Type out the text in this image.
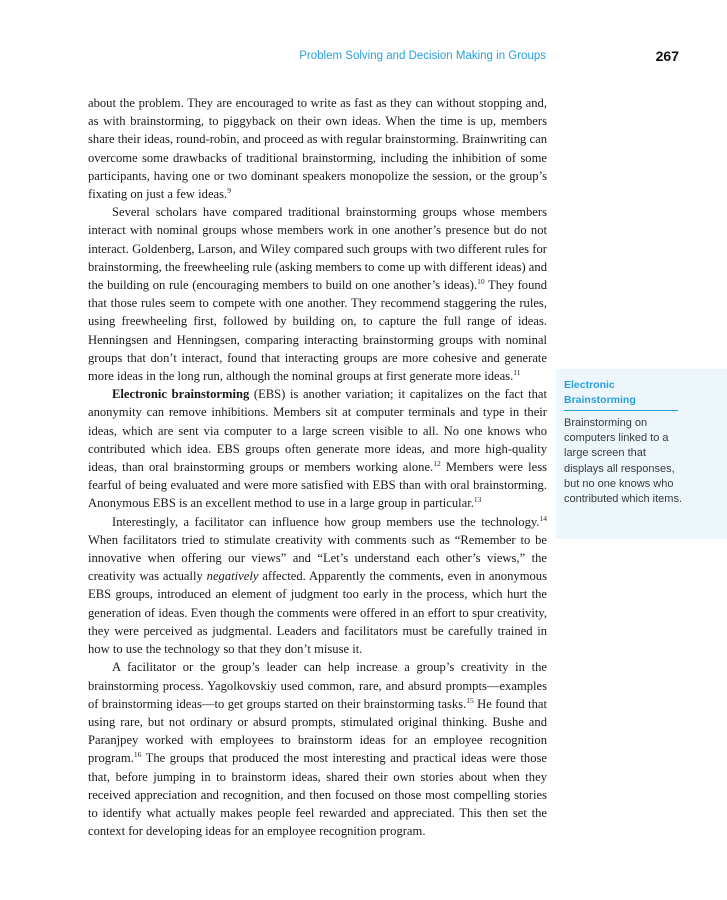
Problem Solving and Decision Making in Groups	267

about the problem. They are encouraged to write as fast as they can without stopping and, as with brainstorming, to piggyback on their own ideas. When the time is up, members share their ideas, round-robin, and proceed as with regular brainstorming. Brainwriting can overcome some drawbacks of traditional brainstorming, including the inhibition of some participants, having one or two dominant speakers monopolize the session, or the group’s fixating on just a few ideas.$^9$

Several scholars have compared traditional brainstorming groups whose members interact with nominal groups whose members work in one another’s presence but do not interact. Goldenberg, Larson, and Wiley compared such groups with two different rules for brainstorming, the freewheeling rule (asking members to come up with different ideas) and the building on rule (encouraging members to build on one another’s ideas).$^{10}$ They found that those rules seem to compete with one another. They recommend staggering the rules, using freewheeling first, followed by building on, to capture the full range of ideas. Henningsen and Henningsen, comparing interacting brainstorming groups with nominal groups that don’t interact, found that interacting groups are more cohesive and generate more ideas in the long run, although the nominal groups at first generate more ideas.$^{11}$

Electronic brainstorming (EBS) is another variation; it capitalizes on the fact that anonymity can remove inhibitions. Members sit at computer terminals and type in their ideas, which are sent via computer to a large screen visible to all. No one knows who contributed which idea. EBS groups often generate more ideas, and more high-quality ideas, than oral brainstorming groups or members working alone.$^{12}$ Members were less fearful of being evaluated and were more satisfied with EBS than with oral brainstorming. Anonymous EBS is an excellent method to use in a large group in particular.$^{13}$

Interestingly, a facilitator can influence how group members use the technology.$^{14}$ When facilitators tried to stimulate creativity with comments such as “Remember to be innovative when offering our views” and “Let’s understand each other’s views,” the creativity was actually negatively affected. Apparently the comments, even in anonymous EBS groups, introduced an element of judgment too early in the process, which hurt the generation of ideas. Even though the comments were offered in an effort to spur creativity, they were perceived as judgmental. Leaders and facilitators must be carefully trained in how to use the technology so that they don’t misuse it.

A facilitator or the group’s leader can help increase a group’s creativity in the brainstorming process. Yagolkovskiy used common, rare, and absurd prompts—examples of brainstorming ideas—to get groups started on their brainstorming tasks.$^{15}$ He found that using rare, but not ordinary or absurd prompts, stimulated original thinking. Bushe and Paranjpey worked with employees to brainstorm ideas for an employee recognition program.$^{16}$ The groups that produced the most interesting and practical ideas were those that, before jumping in to brainstorm ideas, shared their own stories about when they received appreciation and recognition, and then focused on those most compelling stories to identify what actually makes people feel rewarded and appreciated. This then set the context for developing ideas for an employee recognition program.

Electronic Brainstorming
Brainstorming on computers linked to a large screen that displays all responses, but no one knows who contributed which items.
